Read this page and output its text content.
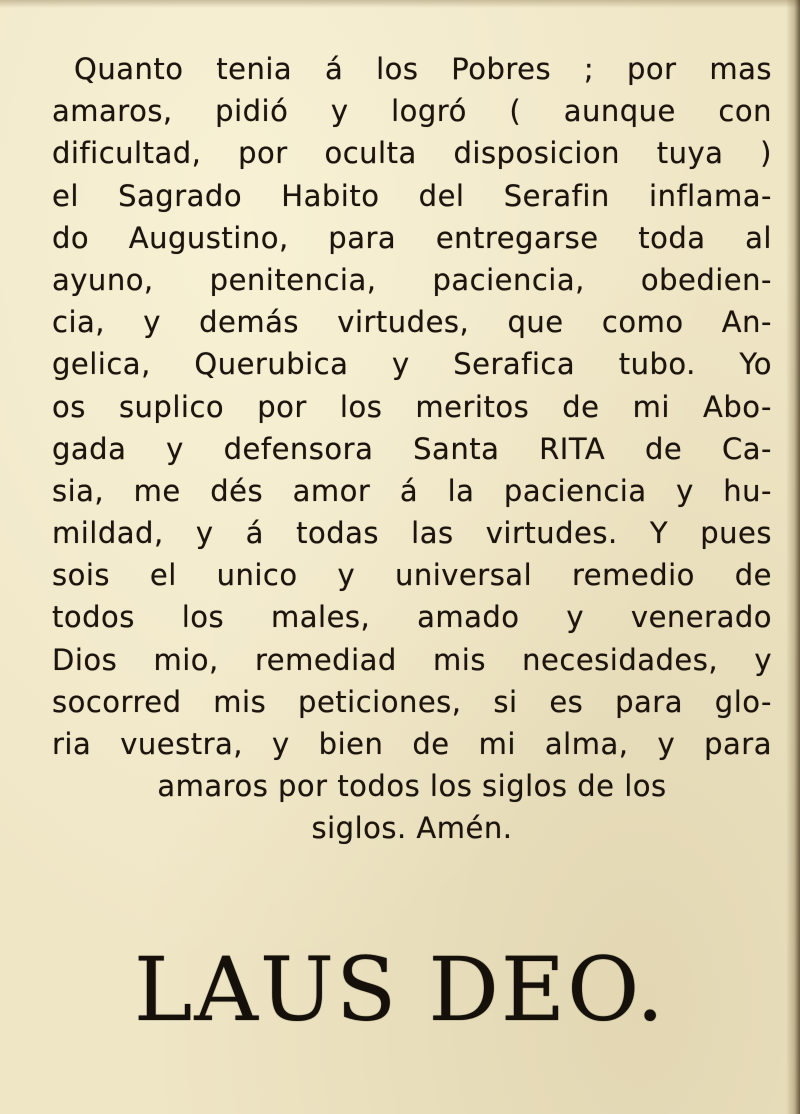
Quanto tenia á los Pobres ; por mas
amaros, pidió y logró ( aunque con
dificultad, por oculta disposicion tuya )
el Sagrado Habito del Serafin inflama-
do Augustino, para entregarse toda al
ayuno, penitencia, paciencia, obedien-
cia, y demás virtudes, que como An-
gelica, Querubica y Serafica tubo. Yo
os suplico por los meritos de mi Abo-
gada y defensora Santa RITA de Ca-
sia, me dés amor á la paciencia y hu-
mildad, y á todas las virtudes. Y pues
sois el unico y universal remedio de
todos los males, amado y venerado
Dios mio, remediad mis necesidades, y
socorred mis peticiones, si es para glo-
ria vuestra, y bien de mi alma, y para
amaros por todos los siglos de los
siglos. Amén.
LAUS DEO.
